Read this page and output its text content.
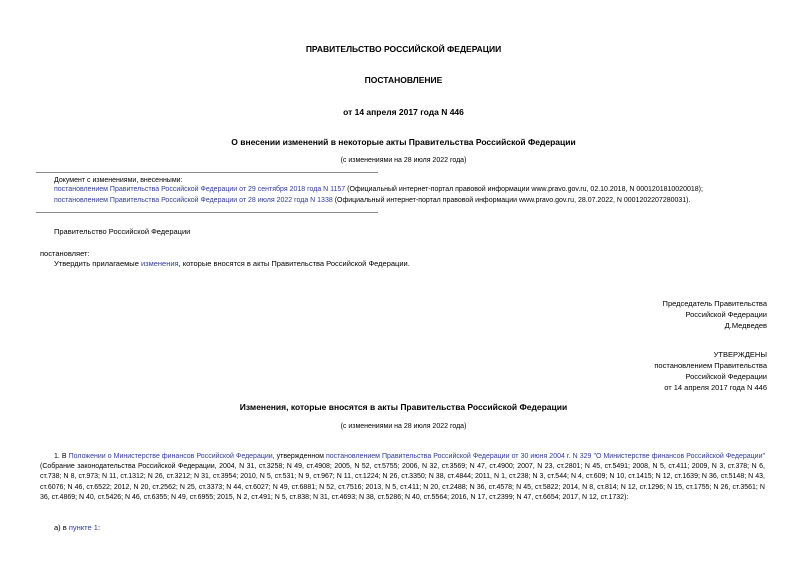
ПРАВИТЕЛЬСТВО РОССИЙСКОЙ ФЕДЕРАЦИИ
ПОСТАНОВЛЕНИЕ
от 14 апреля 2017 года N 446
О внесении изменений в некоторые акты Правительства Российской Федерации
(с изменениями на 28 июля 2022 года)
Документ с изменениями, внесенными:
постановлением Правительства Российской Федерации от 29 сентября 2018 года N 1157 (Официальный интернет-портал правовой информации www.pravo.gov.ru, 02.10.2018, N 0001201810020018);
постановлением Правительства Российской Федерации от 28 июля 2022 года N 1338 (Официальный интернет-портал правовой информации www.pravo.gov.ru, 28.07.2022, N 0001202207280031).
Правительство Российской Федерации
постановляет:
Утвердить прилагаемые изменения, которые вносятся в акты Правительства Российской Федерации.
Председатель Правительства
Российской Федерации
Д.Медведев
УТВЕРЖДЕНЫ
постановлением Правительства
Российской Федерации
от 14 апреля 2017 года N 446
Изменения, которые вносятся в акты Правительства Российской Федерации
(с изменениями на 28 июля 2022 года)
1. В Положении о Министерстве финансов Российской Федерации, утвержденном постановлением Правительства Российской Федерации от 30 июня 2004 г. N 329 "О Министерстве финансов Российской Федерации" (Собрание законодательства Российской Федерации, 2004, N 31, ст.3258; N 49, ст.4908; 2005, N 52, ст.5755; 2006, N 32, ст.3569; N 47, ст.4900; 2007, N 23, ст.2801; N 45, ст.5491; 2008, N 5, ст.411; 2009, N 3, ст.378; N 6, ст.738; N 8, ст.973; N 11, ст.1312; N 26, ст.3212; N 31, ст.3954; 2010, N 5, ст.531; N 9, ст.967; N 11, ст.1224; N 26, ст.3350; N 38, ст.4844; 2011, N 1, ст.238; N 3, ст.544; N 4, ст.609; N 10, ст.1415; N 12, ст.1639; N 36, ст.5148; N 43, ст.6076; N 46, ст.6522; 2012, N 20, ст.2562; N 25, ст.3373; N 44, ст.6027; N 49, ст.6881; N 52, ст.7516; 2013, N 5, ст.411; N 20, ст.2488; N 36, ст.4578; N 45, ст.5822; 2014, N 8, ст.814; N 12, ст.1296; N 15, ст.1755; N 26, ст.3561; N 36, ст.4869; N 40, ст.5426; N 46, ст.6355; N 49, ст.6955; 2015, N 2, ст.491; N 5, ст.838; N 31, ст.4693; N 38, ст.5286; N 40, ст.5564; 2016, N 17, ст.2399; N 47, ст.6654; 2017, N 12, ст.1732):
а) в пункте 1:
